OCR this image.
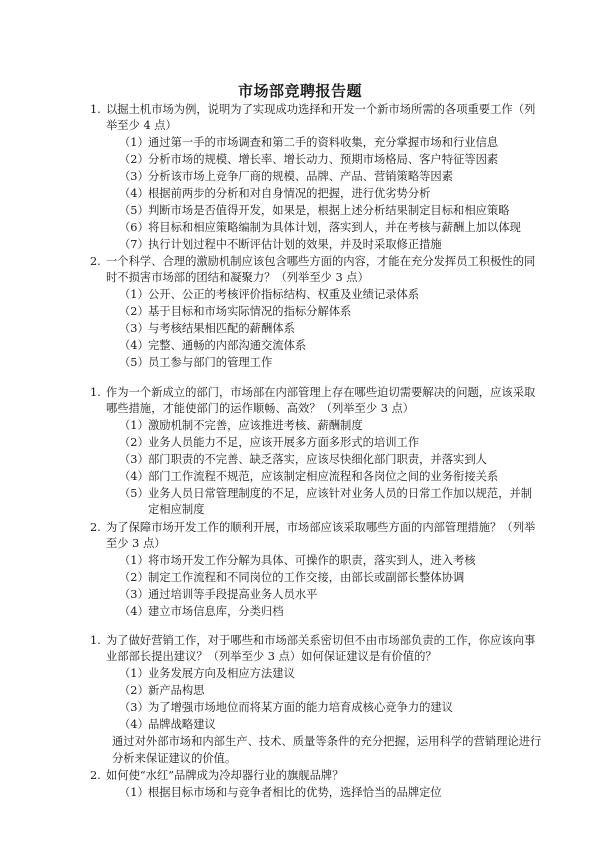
市场部竞聘报告题
1. 以掘土机市场为例，说明为了实现成功选择和开发一个新市场所需的各项重要工作（列
举至少 4 点）
（1） 通过第一手的市场调查和第二手的资料收集，充分掌握市场和行业信息
（2） 分析市场的规模、增长率、增长动力、预期市场格局、客户特征等因素
（3） 分析该市场上竞争厂商的规模、品牌、产品、营销策略等因素
（4） 根据前两步的分析和对自身情况的把握，进行优劣势分析
（5） 判断市场是否值得开发，如果是，根据上述分析结果制定目标和相应策略
（6） 将目标和相应策略编制为具体计划，落实到人，并在考核与薪酬上加以体现
（7） 执行计划过程中不断评估计划的效果，并及时采取修正措施
2. 一个科学、合理的激励机制应该包含哪些方面的内容，才能在充分发挥员工积极性的同
时不损害市场部的团结和凝聚力？（列举至少 3 点）
（1） 公开、公正的考核评价指标结构、权重及业绩记录体系
（2） 基于目标和市场实际情况的指标分解体系
（3） 与考核结果相匹配的薪酬体系
（4） 完整、通畅的内部沟通交流体系
（5） 员工参与部门的管理工作
1. 作为一个新成立的部门，市场部在内部管理上存在哪些迫切需要解决的问题，应该采取
哪些措施，才能使部门的运作顺畅、高效？（列举至少 3 点）
（1） 激励机制不完善，应该推进考核、薪酬制度
（2） 业务人员能力不足，应该开展多方面多形式的培训工作
（3） 部门职责的不完善、缺乏落实，应该尽快细化部门职责，并落实到人
（4） 部门工作流程不规范，应该制定相应流程和各岗位之间的业务衔接关系
（5） 业务人员日常管理制度的不足，应该针对业务人员的日常工作加以规范，并制
定相应制度
2. 为了保障市场开发工作的顺利开展，市场部应该采取哪些方面的内部管理措施？（列举
至少 3 点）
（1） 将市场开发工作分解为具体、可操作的职责，落实到人，进入考核
（2） 制定工作流程和不同岗位的工作交接，由部长或副部长整体协调
（3） 通过培训等手段提高业务人员水平
（4） 建立市场信息库，分类归档
1. 为了做好营销工作，对于哪些和市场部关系密切但不由市场部负责的工作，你应该向事
业部部长提出建议？（列举至少 3 点）如何保证建议是有价值的？
（1） 业务发展方向及相应方法建议
（2） 新产品构思
（3） 为了增强市场地位而将某方面的能力培育成核心竞争力的建议
（4） 品牌战略建议
通过对外部市场和内部生产、技术、质量等条件的充分把握，运用科学的营销理论进行
分析来保证建议的价值。
2. 如何使“水红”品牌成为冷却器行业的旗舰品牌？
（1） 根据目标市场和与竞争者相比的优势，选择恰当的品牌定位
